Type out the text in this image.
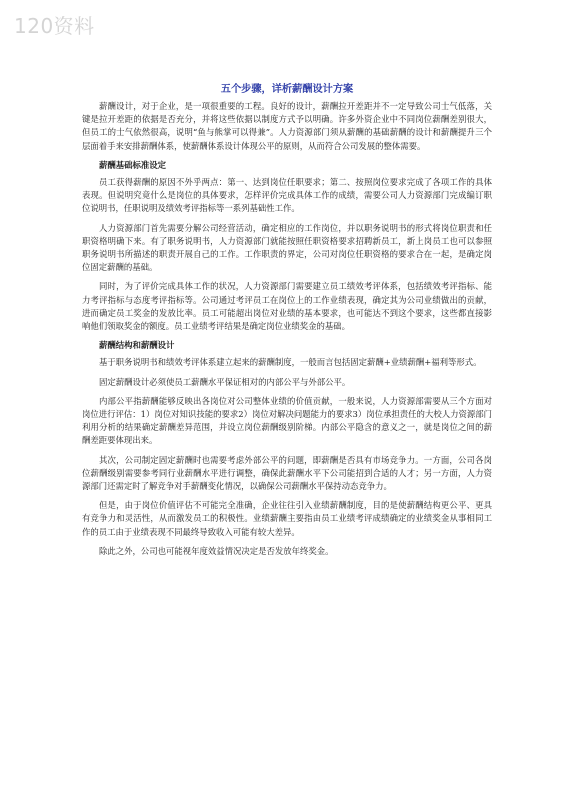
120资料
五个步骤，详析薪酬设计方案
薪酬设计，对于企业，是一项很重要的工程。良好的设计，薪酬拉开差距并不一定导致公司士气低落，关键是拉开差距的依据是否充分，并将这些依据以制度方式予以明确。许多外资企业中不同岗位薪酬差别很大，但员工的士气依然很高，说明“鱼与熊掌可以得兼”。人力资源部门须从薪酬的基础薪酬的设计和薪酬提升三个层面着手来安排薪酬体系，使薪酬体系设计体现公平的原则，从而符合公司发展的整体需要。
薪酬基础标准设定
员工获得薪酬的原因不外乎两点：第一、达到岗位任职要求；第二、按照岗位要求完成了各项工作的具体表现。但说明究竟什么是岗位的具体要求，怎样评价完成具体工作的成绩，需要公司人力资源部门完成编订职位说明书，任职说明及绩效考评指标等一系列基础性工作。
人力资源部门首先需要分解公司经营活动，确定相应的工作岗位，并以职务说明书的形式将岗位职责和任职资格明确下来。有了职务说明书，人力资源部门就能按照任职资格要求招聘新员工，新上岗员工也可以参照职务说明书所描述的职责开展自己的工作。工作职责的界定，公司对岗位任职资格的要求合在一起，是确定岗位固定薪酬的基础。
同时，为了评价完成具体工作的状况，人力资源部门需要建立员工绩效考评体系，包括绩效考评指标、能力考评指标与态度考评指标等。公司通过考评员工在岗位上的工作业绩表现，确定其为公司业绩做出的贡献，进而确定员工奖金的发放比率。员工可能超出岗位对业绩的基本要求，也可能达不到这个要求，这些都直接影响他们领取奖金的额度。员工业绩考评结果是确定岗位业绩奖金的基础。
薪酬结构和薪酬设计
基于职务说明书和绩效考评体系建立起来的薪酬制度，一般而言包括固定薪酬+业绩薪酬+福利等形式。
固定薪酬设计必须使员工薪酬水平保证相对的内部公平与外部公平。
内部公平指薪酬能够反映出各岗位对公司整体业绩的价值贡献，一般来说，人力资源部需要从三个方面对岗位进行评估：1）岗位对知识技能的要求2）岗位对解决问题能力的要求3）岗位承担责任的大校人力资源部门利用分析的结果确定薪酬差异范围，并设立岗位薪酬级别阶梯。内部公平隐含的意义之一，就是岗位之间的薪酬差距要体现出来。
其次，公司制定固定薪酬时也需要考虑外部公平的问题，即薪酬是否具有市场竞争力。一方面，公司各岗位薪酬级别需要参考同行业薪酬水平进行调整，确保此薪酬水平下公司能招到合适的人才；另一方面，人力资源部门还需定时了解竞争对手薪酬变化情况，以确保公司薪酬水平保持动态竞争力。
但是，由于岗位价值评估不可能完全准确，企业往往引入业绩薪酬制度，目的是使薪酬结构更公平、更具有竞争力和灵活性，从而激发员工的积极性。业绩薪酬主要指由员工业绩考评成绩确定的业绩奖金从事相同工作的员工由于业绩表现不同最终导致收入可能有较大差异。
除此之外，公司也可能视年度效益情况决定是否发放年终奖金。
